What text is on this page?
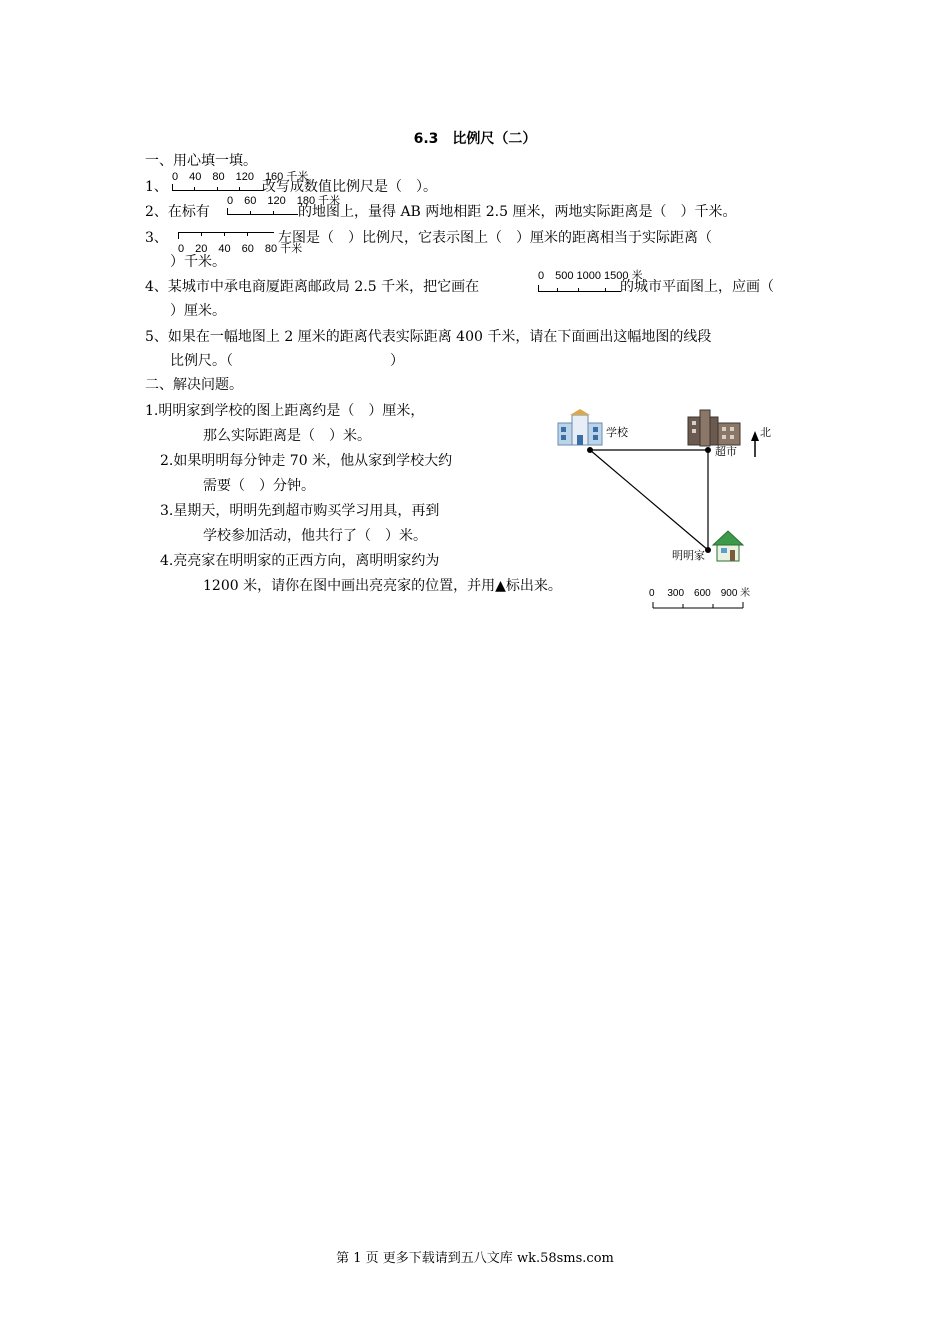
6.3　比例尺（二）
一、用心填一填。
1、
0　40　80　120　160 千米
改写成数值比例尺是（　）。
2、在标有
0　60　120　180 千米
的地图上，量得 AB 两地相距 2.5 厘米，两地实际距离是（　）千米。
3、
0　20　40　60　80 千米
左图是（　）比例尺，它表示图上（　）厘米的距离相当于实际距离（
）千米。
4、某城市中承电商厦距离邮政局 2.5 千米，把它画在
0　500 1000 1500 米
的城市平面图上，应画（
）厘米。
5、如果在一幅地图上 2 厘米的距离代表实际距离 400 千米，请在下面画出这幅地图的线段
比例尺。（	）
二、解决问题。
1.明明家到学校的图上距离约是（　）厘米，
那么实际距离是（　）米。
2.如果明明每分钟走 70 米，他从家到学校大约
需要（　）分钟。
3.星期天，明明先到超市购买学习用具，再到
学校参加活动，他共行了（　）米。
4.亮亮家在明明家的正西方向，离明明家约为
1200 米，请你在图中画出亮亮家的位置，并用▲标出来。
学校
超市
明明家
北
0　 300　600　900 米
第 1 页 更多下载请到五八文库 wk.58sms.com
